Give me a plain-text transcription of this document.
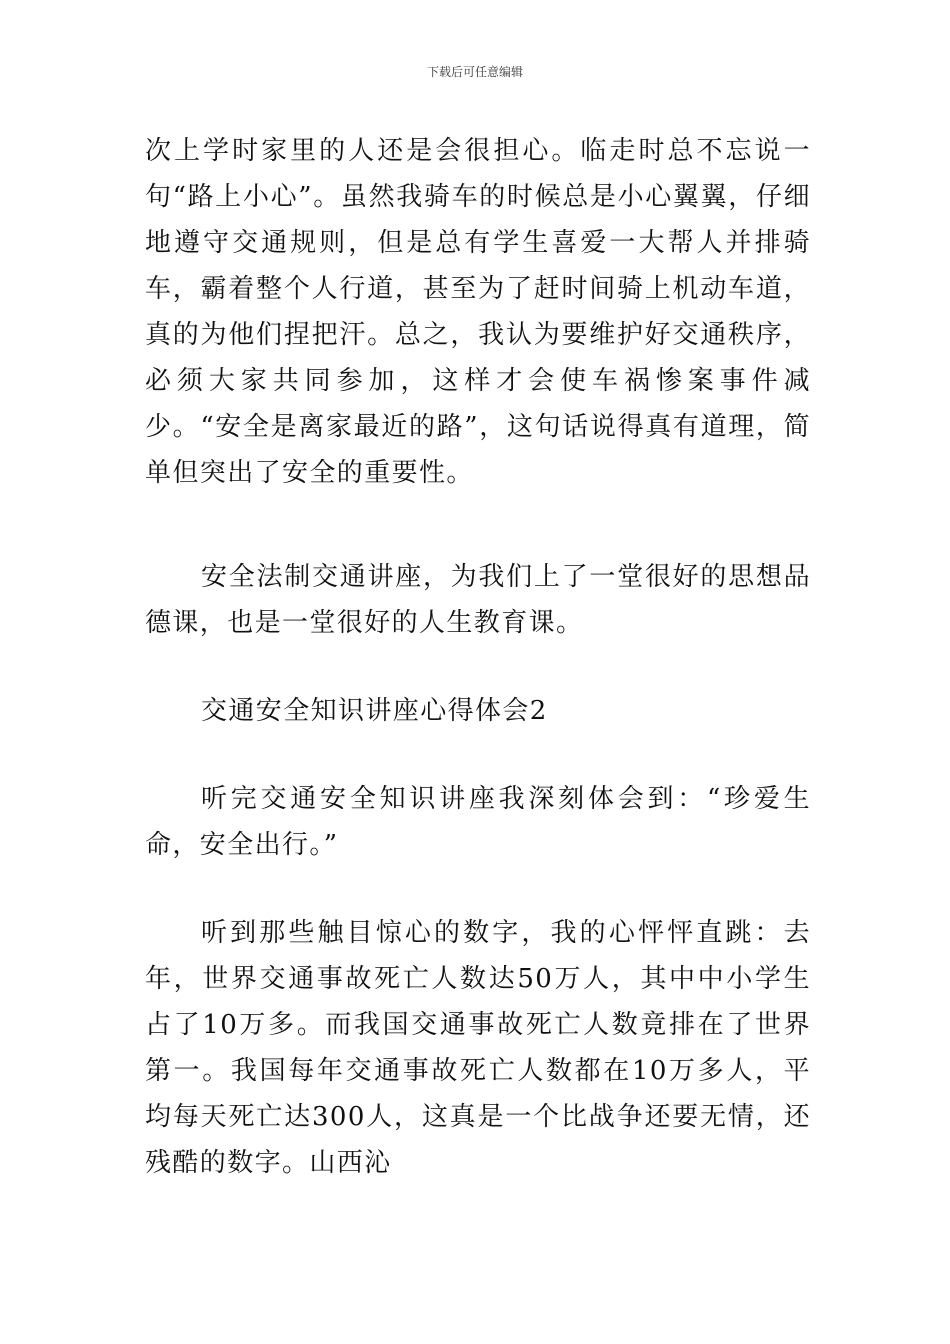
下载后可任意编辑

次上学时家里的人还是会很担心。临走时总不忘说一句“路上小心”。虽然我骑车的时候总是小心翼翼，仔细地遵守交通规则，但是总有学生喜爱一大帮人并排骑车，霸着整个人行道，甚至为了赶时间骑上机动车道，真的为他们捏把汗。总之，我认为要维护好交通秩序，必须大家共同参加，这样才会使车祸惨案事件减少。“安全是离家最近的路”，这句话说得真有道理，简单但突出了安全的重要性。

安全法制交通讲座，为我们上了一堂很好的思想品德课，也是一堂很好的人生教育课。

交通安全知识讲座心得体会2

听完交通安全知识讲座我深刻体会到：“珍爱生命，安全出行。”

听到那些触目惊心的数字，我的心怦怦直跳：去年，世界交通事故死亡人数达50万人，其中中小学生占了10万多。而我国交通事故死亡人数竟排在了世界第一。我国每年交通事故死亡人数都在10万多人，平均每天死亡达300人，这真是一个比战争还要无情，还残酷的数字。山西沁
